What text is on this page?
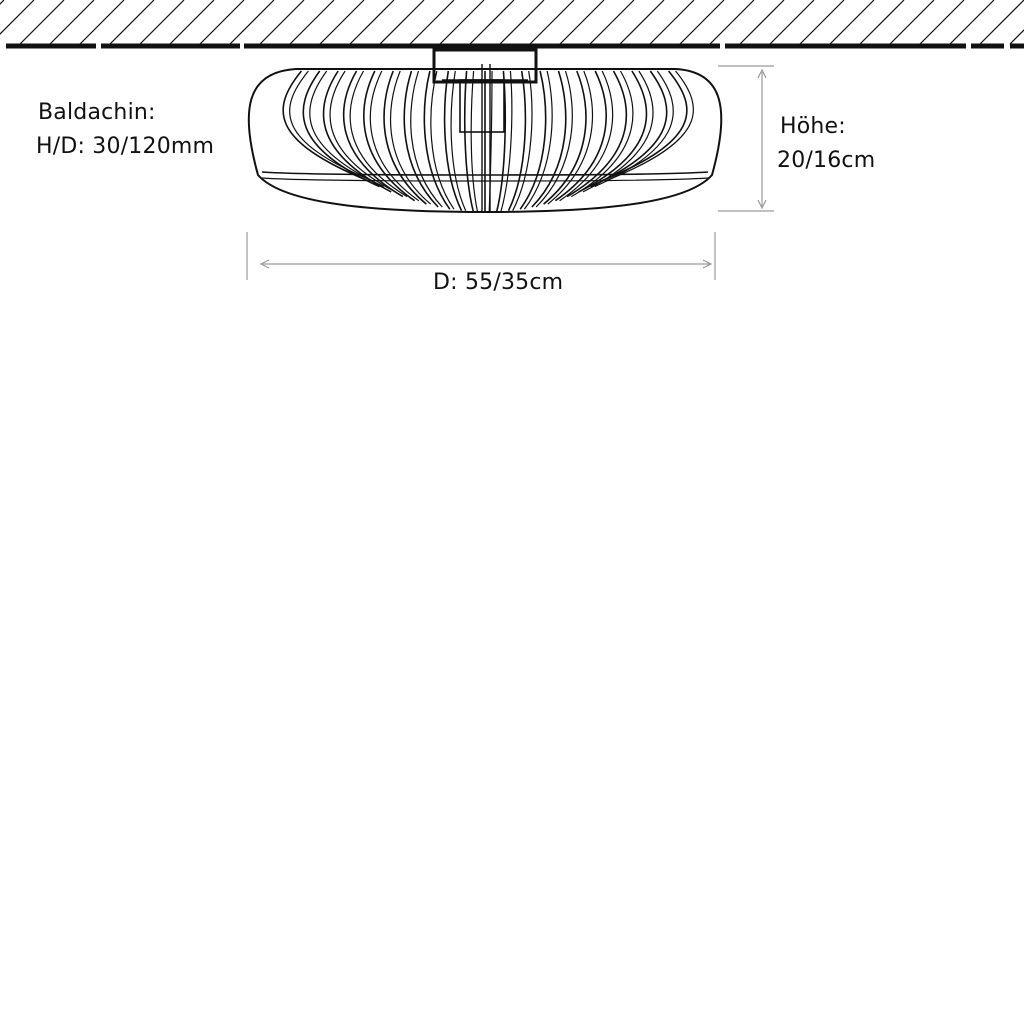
Baldachin:
H/D: 30/120mm
Höhe:
20/16cm
D: 55/35cm
